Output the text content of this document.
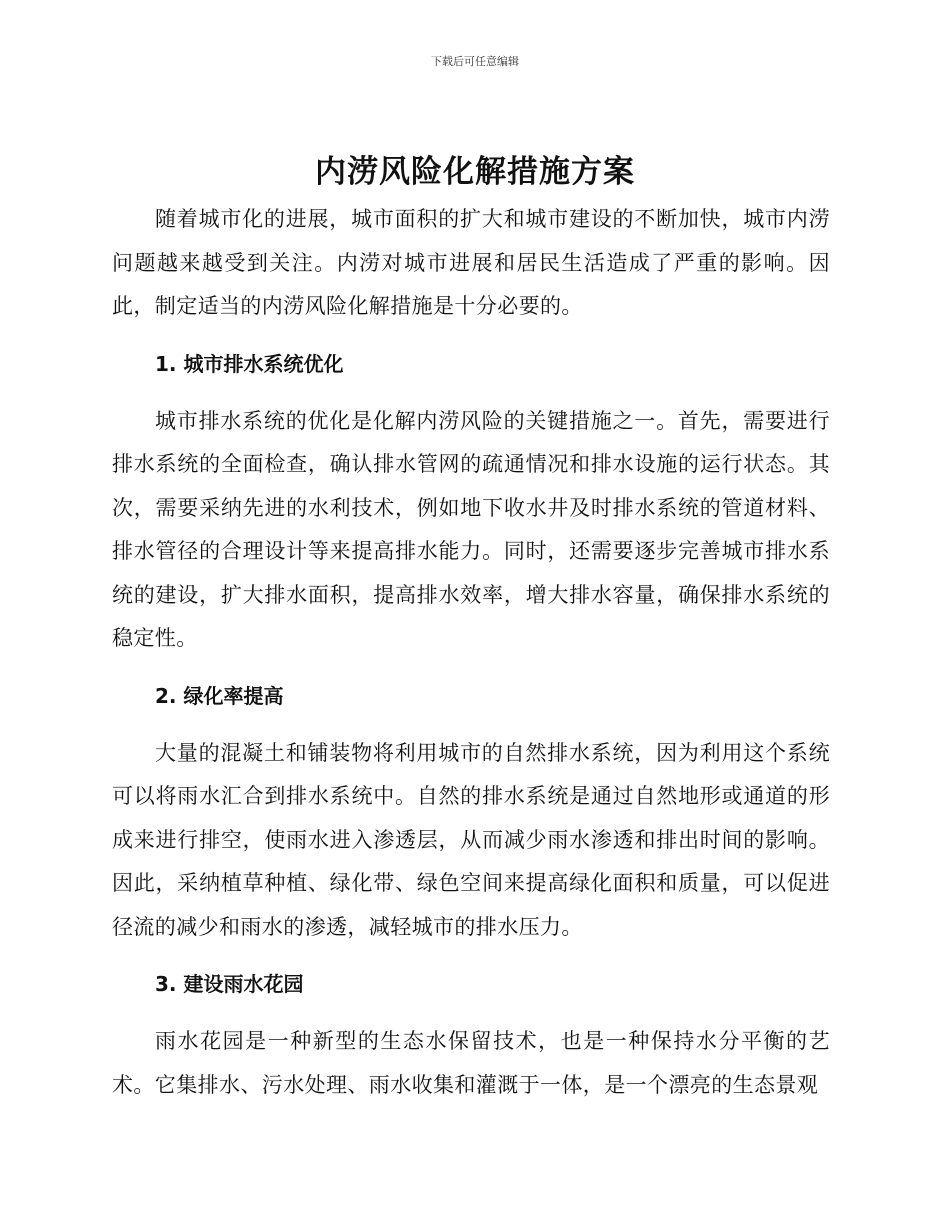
下载后可任意编辑
内涝风险化解措施方案

随着城市化的进展，城市面积的扩大和城市建设的不断加快，城市内涝问题越来越受到关注。内涝对城市进展和居民生活造成了严重的影响。因此，制定适当的内涝风险化解措施是十分必要的。

1. 城市排水系统优化

城市排水系统的优化是化解内涝风险的关键措施之一。首先，需要进行排水系统的全面检查，确认排水管网的疏通情况和排水设施的运行状态。其次，需要采纳先进的水利技术，例如地下收水井及时排水系统的管道材料、排水管径的合理设计等来提高排水能力。同时，还需要逐步完善城市排水系统的建设，扩大排水面积，提高排水效率，增大排水容量，确保排水系统的稳定性。

2. 绿化率提高

大量的混凝土和铺装物将利用城市的自然排水系统，因为利用这个系统可以将雨水汇合到排水系统中。自然的排水系统是通过自然地形或通道的形成来进行排空，使雨水进入渗透层，从而减少雨水渗透和排出时间的影响。因此，采纳植草种植、绿化带、绿色空间来提高绿化面积和质量，可以促进径流的减少和雨水的渗透，减轻城市的排水压力。

3. 建设雨水花园

雨水花园是一种新型的生态水保留技术，也是一种保持水分平衡的艺术。它集排水、污水处理、雨水收集和灌溉于一体，是一个漂亮的生态景观
